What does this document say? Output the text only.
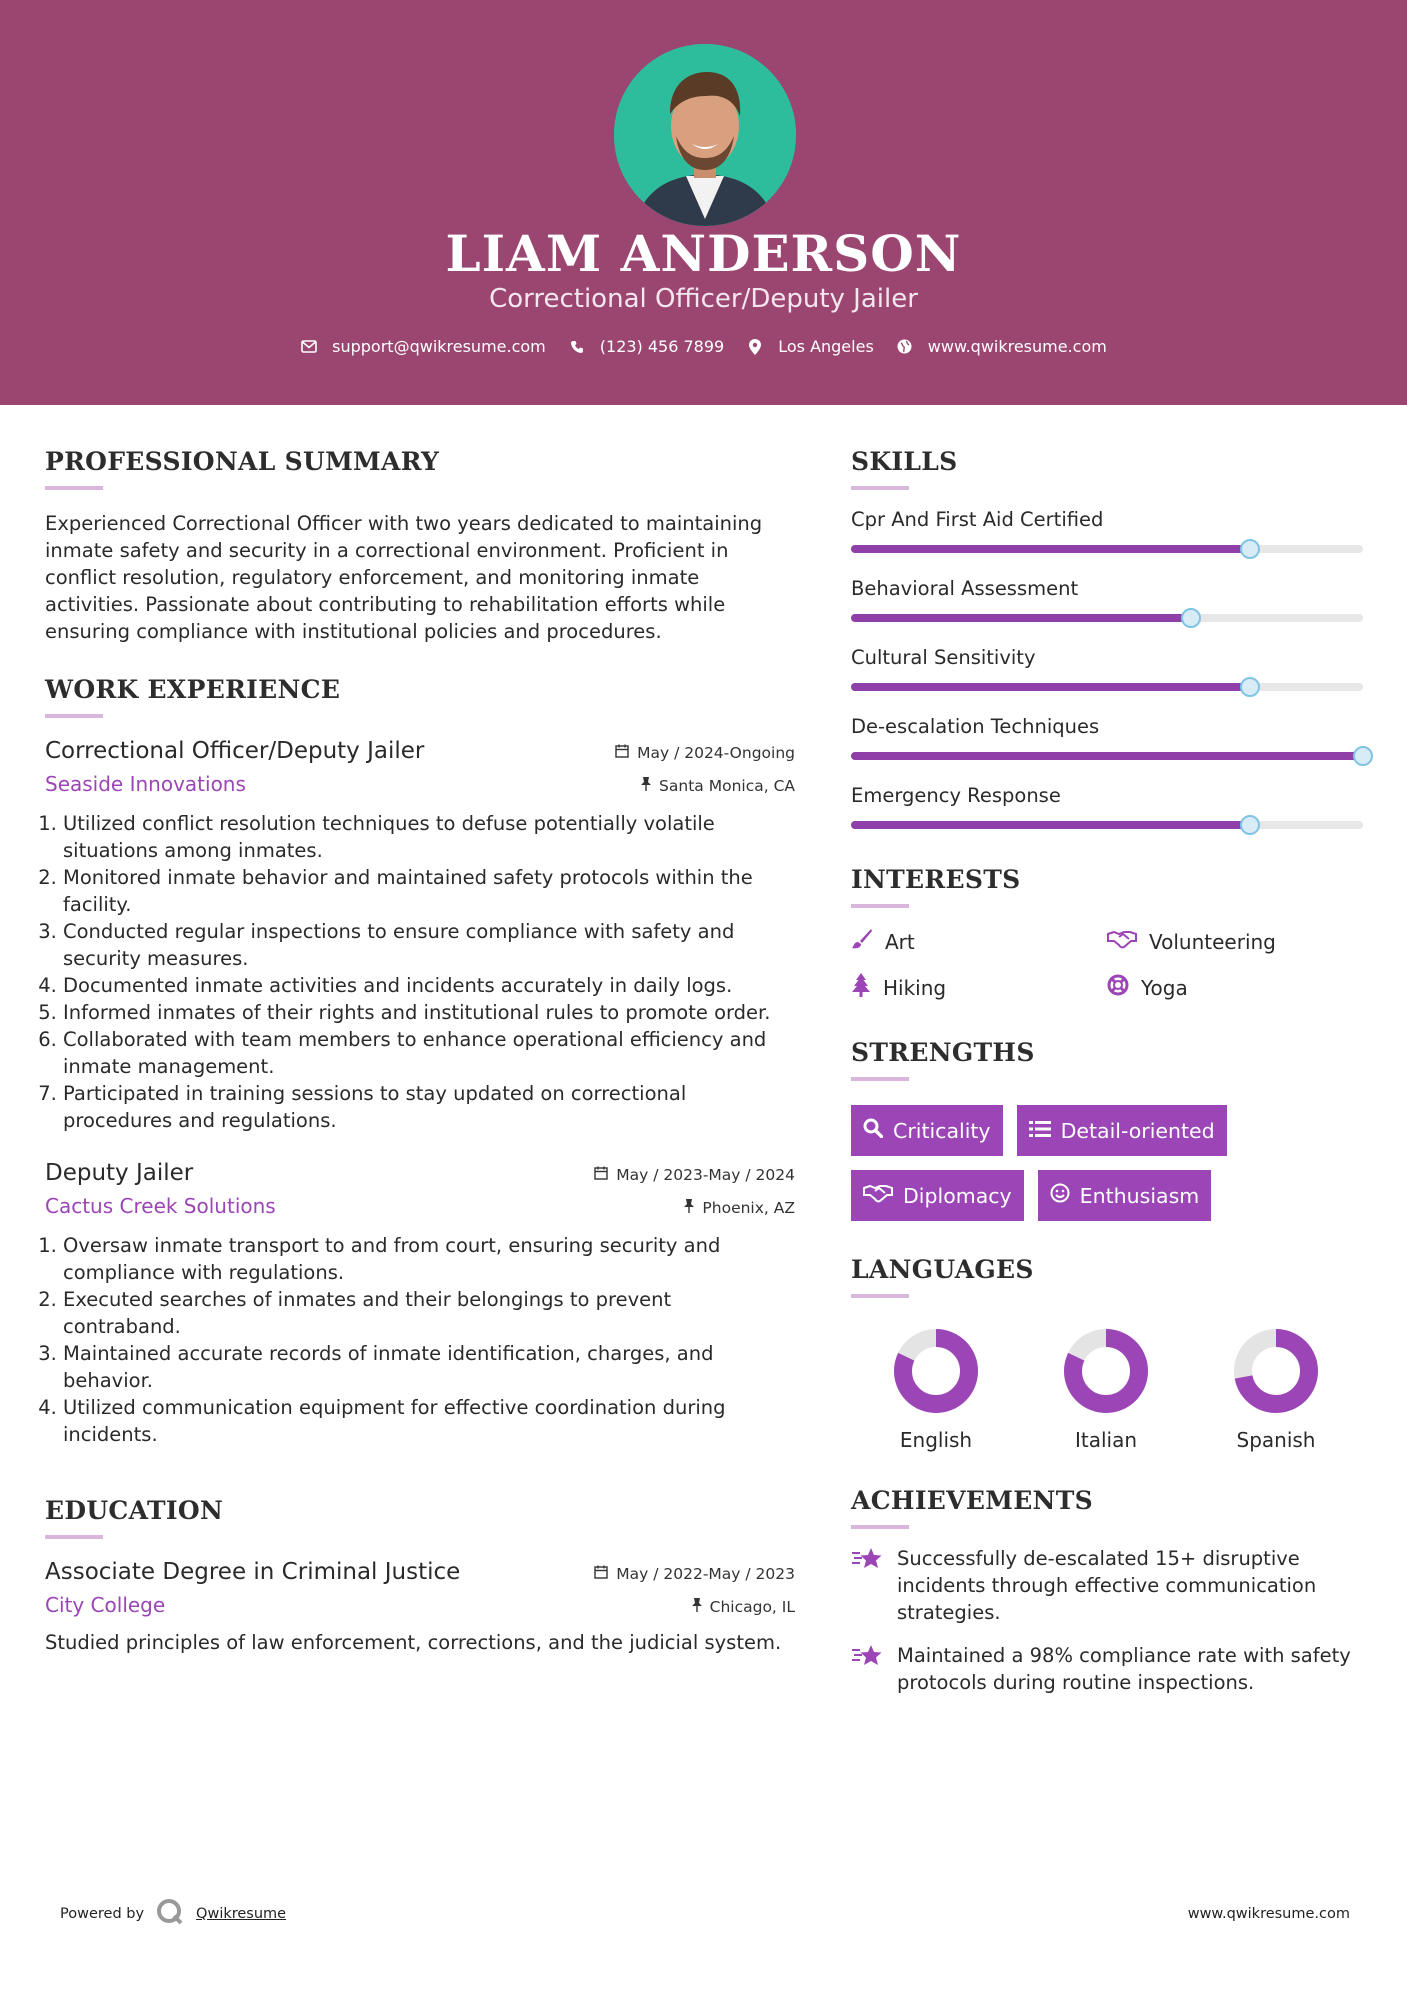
LIAM ANDERSON
Correctional Officer/Deputy Jailer
support@qwikresume.com	(123) 456 7899	Los Angeles	www.qwikresume.com
PROFESSIONAL SUMMARY
Experienced Correctional Officer with two years dedicated to maintaining inmate safety and security in a correctional environment. Proficient in conflict resolution, regulatory enforcement, and monitoring inmate activities. Passionate about contributing to rehabilitation efforts while ensuring compliance with institutional policies and procedures.
WORK EXPERIENCE
Correctional Officer/Deputy Jailer	May / 2024-Ongoing
Seaside Innovations	Santa Monica, CA
1. Utilized conflict resolution techniques to defuse potentially volatile situations among inmates.
2. Monitored inmate behavior and maintained safety protocols within the facility.
3. Conducted regular inspections to ensure compliance with safety and security measures.
4. Documented inmate activities and incidents accurately in daily logs.
5. Informed inmates of their rights and institutional rules to promote order.
6. Collaborated with team members to enhance operational efficiency and inmate management.
7. Participated in training sessions to stay updated on correctional procedures and regulations.
Deputy Jailer	May / 2023-May / 2024
Cactus Creek Solutions	Phoenix, AZ
1. Oversaw inmate transport to and from court, ensuring security and compliance with regulations.
2. Executed searches of inmates and their belongings to prevent contraband.
3. Maintained accurate records of inmate identification, charges, and behavior.
4. Utilized communication equipment for effective coordination during incidents.
EDUCATION
Associate Degree in Criminal Justice	May / 2022-May / 2023
City College	Chicago, IL
Studied principles of law enforcement, corrections, and the judicial system.
SKILLS
Cpr And First Aid Certified
Behavioral Assessment
Cultural Sensitivity
De-escalation Techniques
Emergency Response
INTERESTS
Art	Volunteering
Hiking	Yoga
STRENGTHS
Criticality	Detail-oriented
Diplomacy	Enthusiasm
LANGUAGES
English	Italian	Spanish
ACHIEVEMENTS
Successfully de-escalated 15+ disruptive incidents through effective communication strategies.
Maintained a 98% compliance rate with safety protocols during routine inspections.
Powered by	Qwikresume	www.qwikresume.com
